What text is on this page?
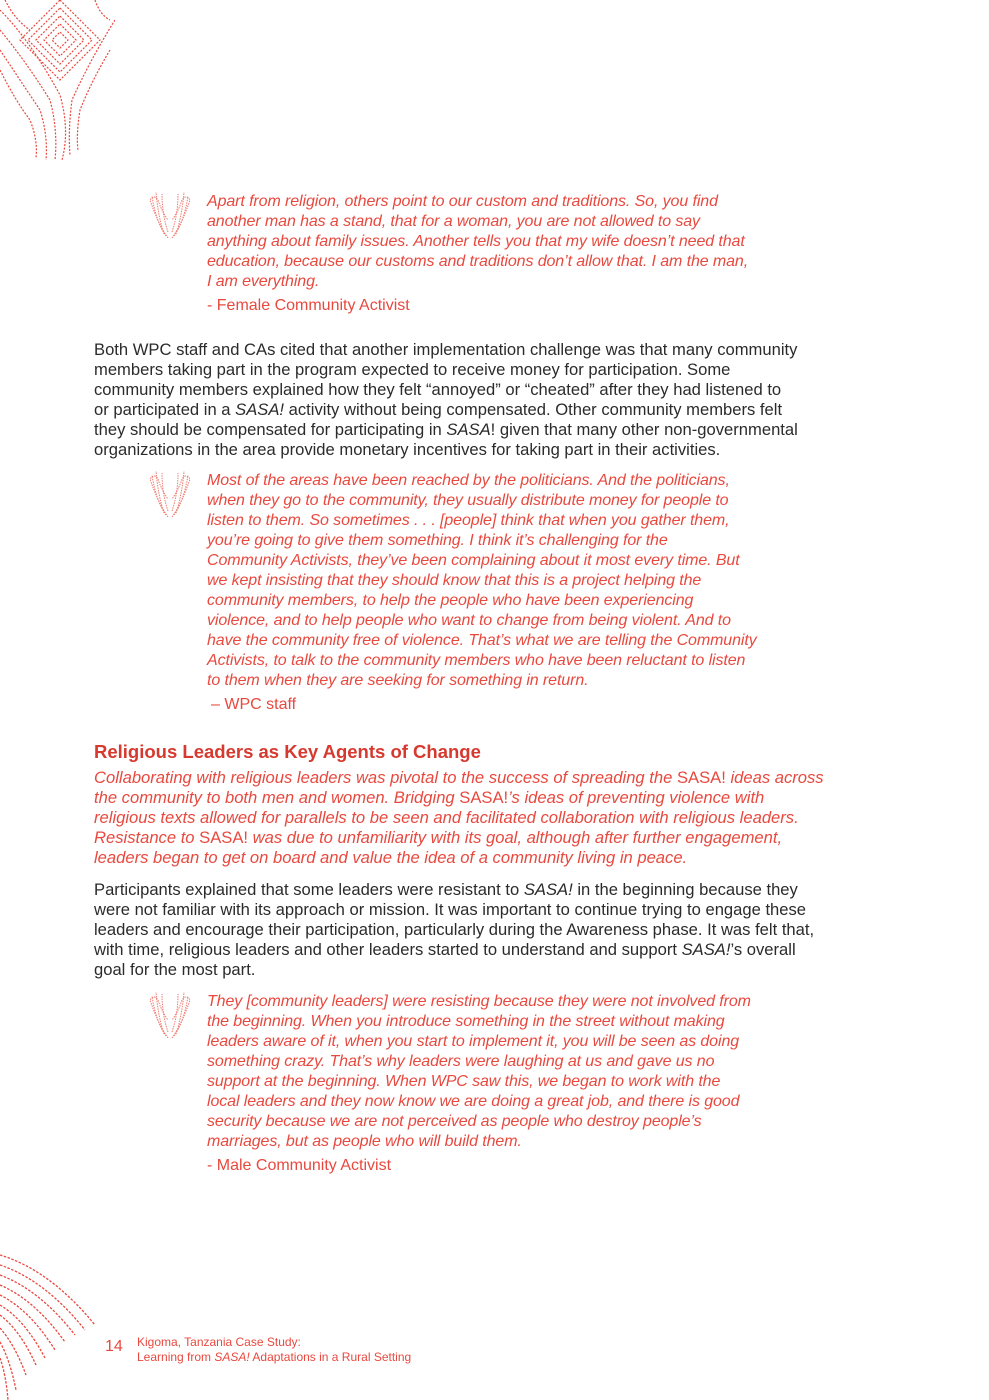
Apart from religion, others point to our custom and traditions. So, you find
another man has a stand, that for a woman, you are not allowed to say
anything about family issues. Another tells you that my wife doesn’t need that
education, because our customs and traditions don’t allow that. I am the man,
I am everything.
- Female Community Activist
Both WPC staff and CAs cited that another implementation challenge was that many community
members taking part in the program expected to receive money for participation. Some
community members explained how they felt “annoyed” or “cheated” after they had listened to
or participated in a SASA! activity without being compensated. Other community members felt
they should be compensated for participating in SASA! given that many other non-governmental
organizations in the area provide monetary incentives for taking part in their activities.
Most of the areas have been reached by the politicians. And the politicians,
when they go to the community, they usually distribute money for people to
listen to them. So sometimes . . . [people] think that when you gather them,
you’re going to give them something. I think it’s challenging for the
Community Activists, they’ve been complaining about it most every time. But
we kept insisting that they should know that this is a project helping the
community members, to help the people who have been experiencing
violence, and to help people who want to change from being violent. And to
have the community free of violence. That’s what we are telling the Community
Activists, to talk to the community members who have been reluctant to listen
to them when they are seeking for something in return.
– WPC staff
Religious Leaders as Key Agents of Change
Collaborating with religious leaders was pivotal to the success of spreading the SASA! ideas across
the community to both men and women. Bridging SASA!’s ideas of preventing violence with
religious texts allowed for parallels to be seen and facilitated collaboration with religious leaders.
Resistance to SASA! was due to unfamiliarity with its goal, although after further engagement,
leaders began to get on board and value the idea of a community living in peace.
Participants explained that some leaders were resistant to SASA! in the beginning because they
were not familiar with its approach or mission. It was important to continue trying to engage these
leaders and encourage their participation, particularly during the Awareness phase. It was felt that,
with time, religious leaders and other leaders started to understand and support SASA!’s overall
goal for the most part.
They [community leaders] were resisting because they were not involved from
the beginning. When you introduce something in the street without making
leaders aware of it, when you start to implement it, you will be seen as doing
something crazy. That’s why leaders were laughing at us and gave us no
support at the beginning. When WPC saw this, we began to work with the
local leaders and they now know we are doing a great job, and there is good
security because we are not perceived as people who destroy people’s
marriages, but as people who will build them.
- Male Community Activist
14 Kigoma, Tanzania Case Study:
Learning from SASA! Adaptations in a Rural Setting
